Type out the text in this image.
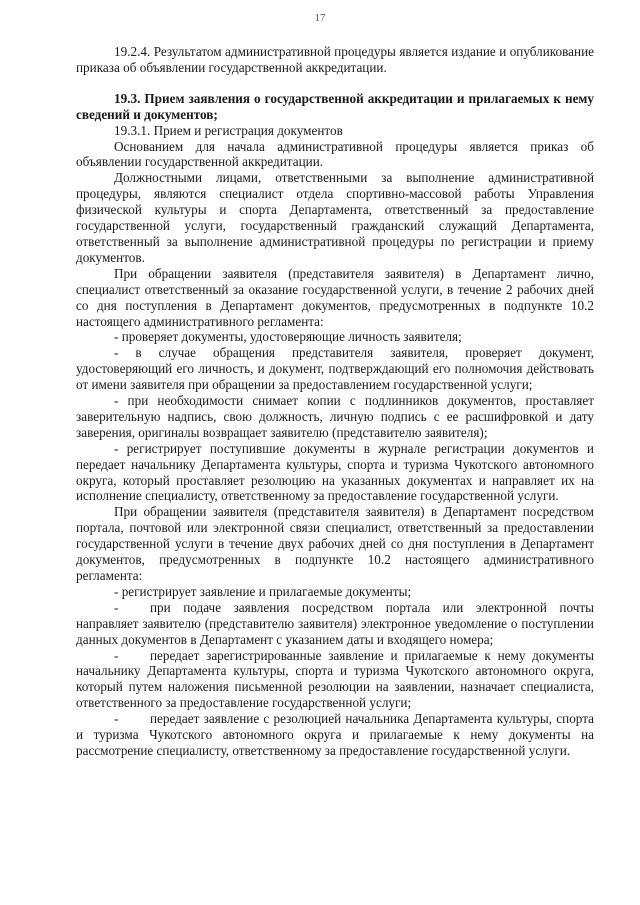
17

19.2.4. Результатом административной процедуры является издание и опубликование приказа об объявлении государственной аккредитации.

19.3. Прием заявления о государственной аккредитации и прилагаемых к нему сведений и документов;

19.3.1. Прием и регистрация документов

Основанием для начала административной процедуры является приказ об объявлении государственной аккредитации.

Должностными лицами, ответственными за выполнение административной процедуры, являются специалист отдела спортивно-массовой работы Управления физической культуры и спорта Департамента, ответственный за предоставление государственной услуги, государственный гражданский служащий Департамента, ответственный за выполнение административной процедуры по регистрации и приему документов.

При обращении заявителя (представителя заявителя) в Департамент лично, специалист ответственный за оказание государственной услуги, в течение 2 рабочих дней со дня поступления в Департамент документов, предусмотренных в подпункте 10.2 настоящего административного регламента:

- проверяет документы, удостоверяющие личность заявителя;

- в случае обращения представителя заявителя, проверяет документ, удостоверяющий его личность, и документ, подтверждающий его полномочия действовать от имени заявителя при обращении за предоставлением государственной услуги;

- при необходимости снимает копии с подлинников документов, проставляет заверительную надпись, свою должность, личную подпись с ее расшифровкой и дату заверения, оригиналы возвращает заявителю (представителю заявителя);

- регистрирует поступившие документы в журнале регистрации документов и передает начальнику Департамента культуры, спорта и туризма Чукотского автономного округа, который проставляет резолюцию на указанных документах и направляет их на исполнение специалисту, ответственному за предоставление государственной услуги.

При обращении заявителя (представителя заявителя) в Департамент посредством портала, почтовой или электронной связи специалист, ответственный за предоставлении государственной услуги в течение двух рабочих дней со дня поступления в Департамент документов, предусмотренных в подпункте 10.2 настоящего административного регламента:

- регистрирует заявление и прилагаемые документы;

- при подаче заявления посредством портала или электронной почты направляет заявителю (представителю заявителя) электронное уведомление о поступлении данных документов в Департамент с указанием даты и входящего номера;

- передает зарегистрированные заявление и прилагаемые к нему документы начальнику Департамента культуры, спорта и туризма Чукотского автономного округа, который путем наложения письменной резолюции на заявлении, назначает специалиста, ответственного за предоставление государственной услуги;

- передает заявление с резолюцией начальника Департамента культуры, спорта и туризма Чукотского автономного округа и прилагаемые к нему документы на рассмотрение специалисту, ответственному за предоставление государственной услуги.
